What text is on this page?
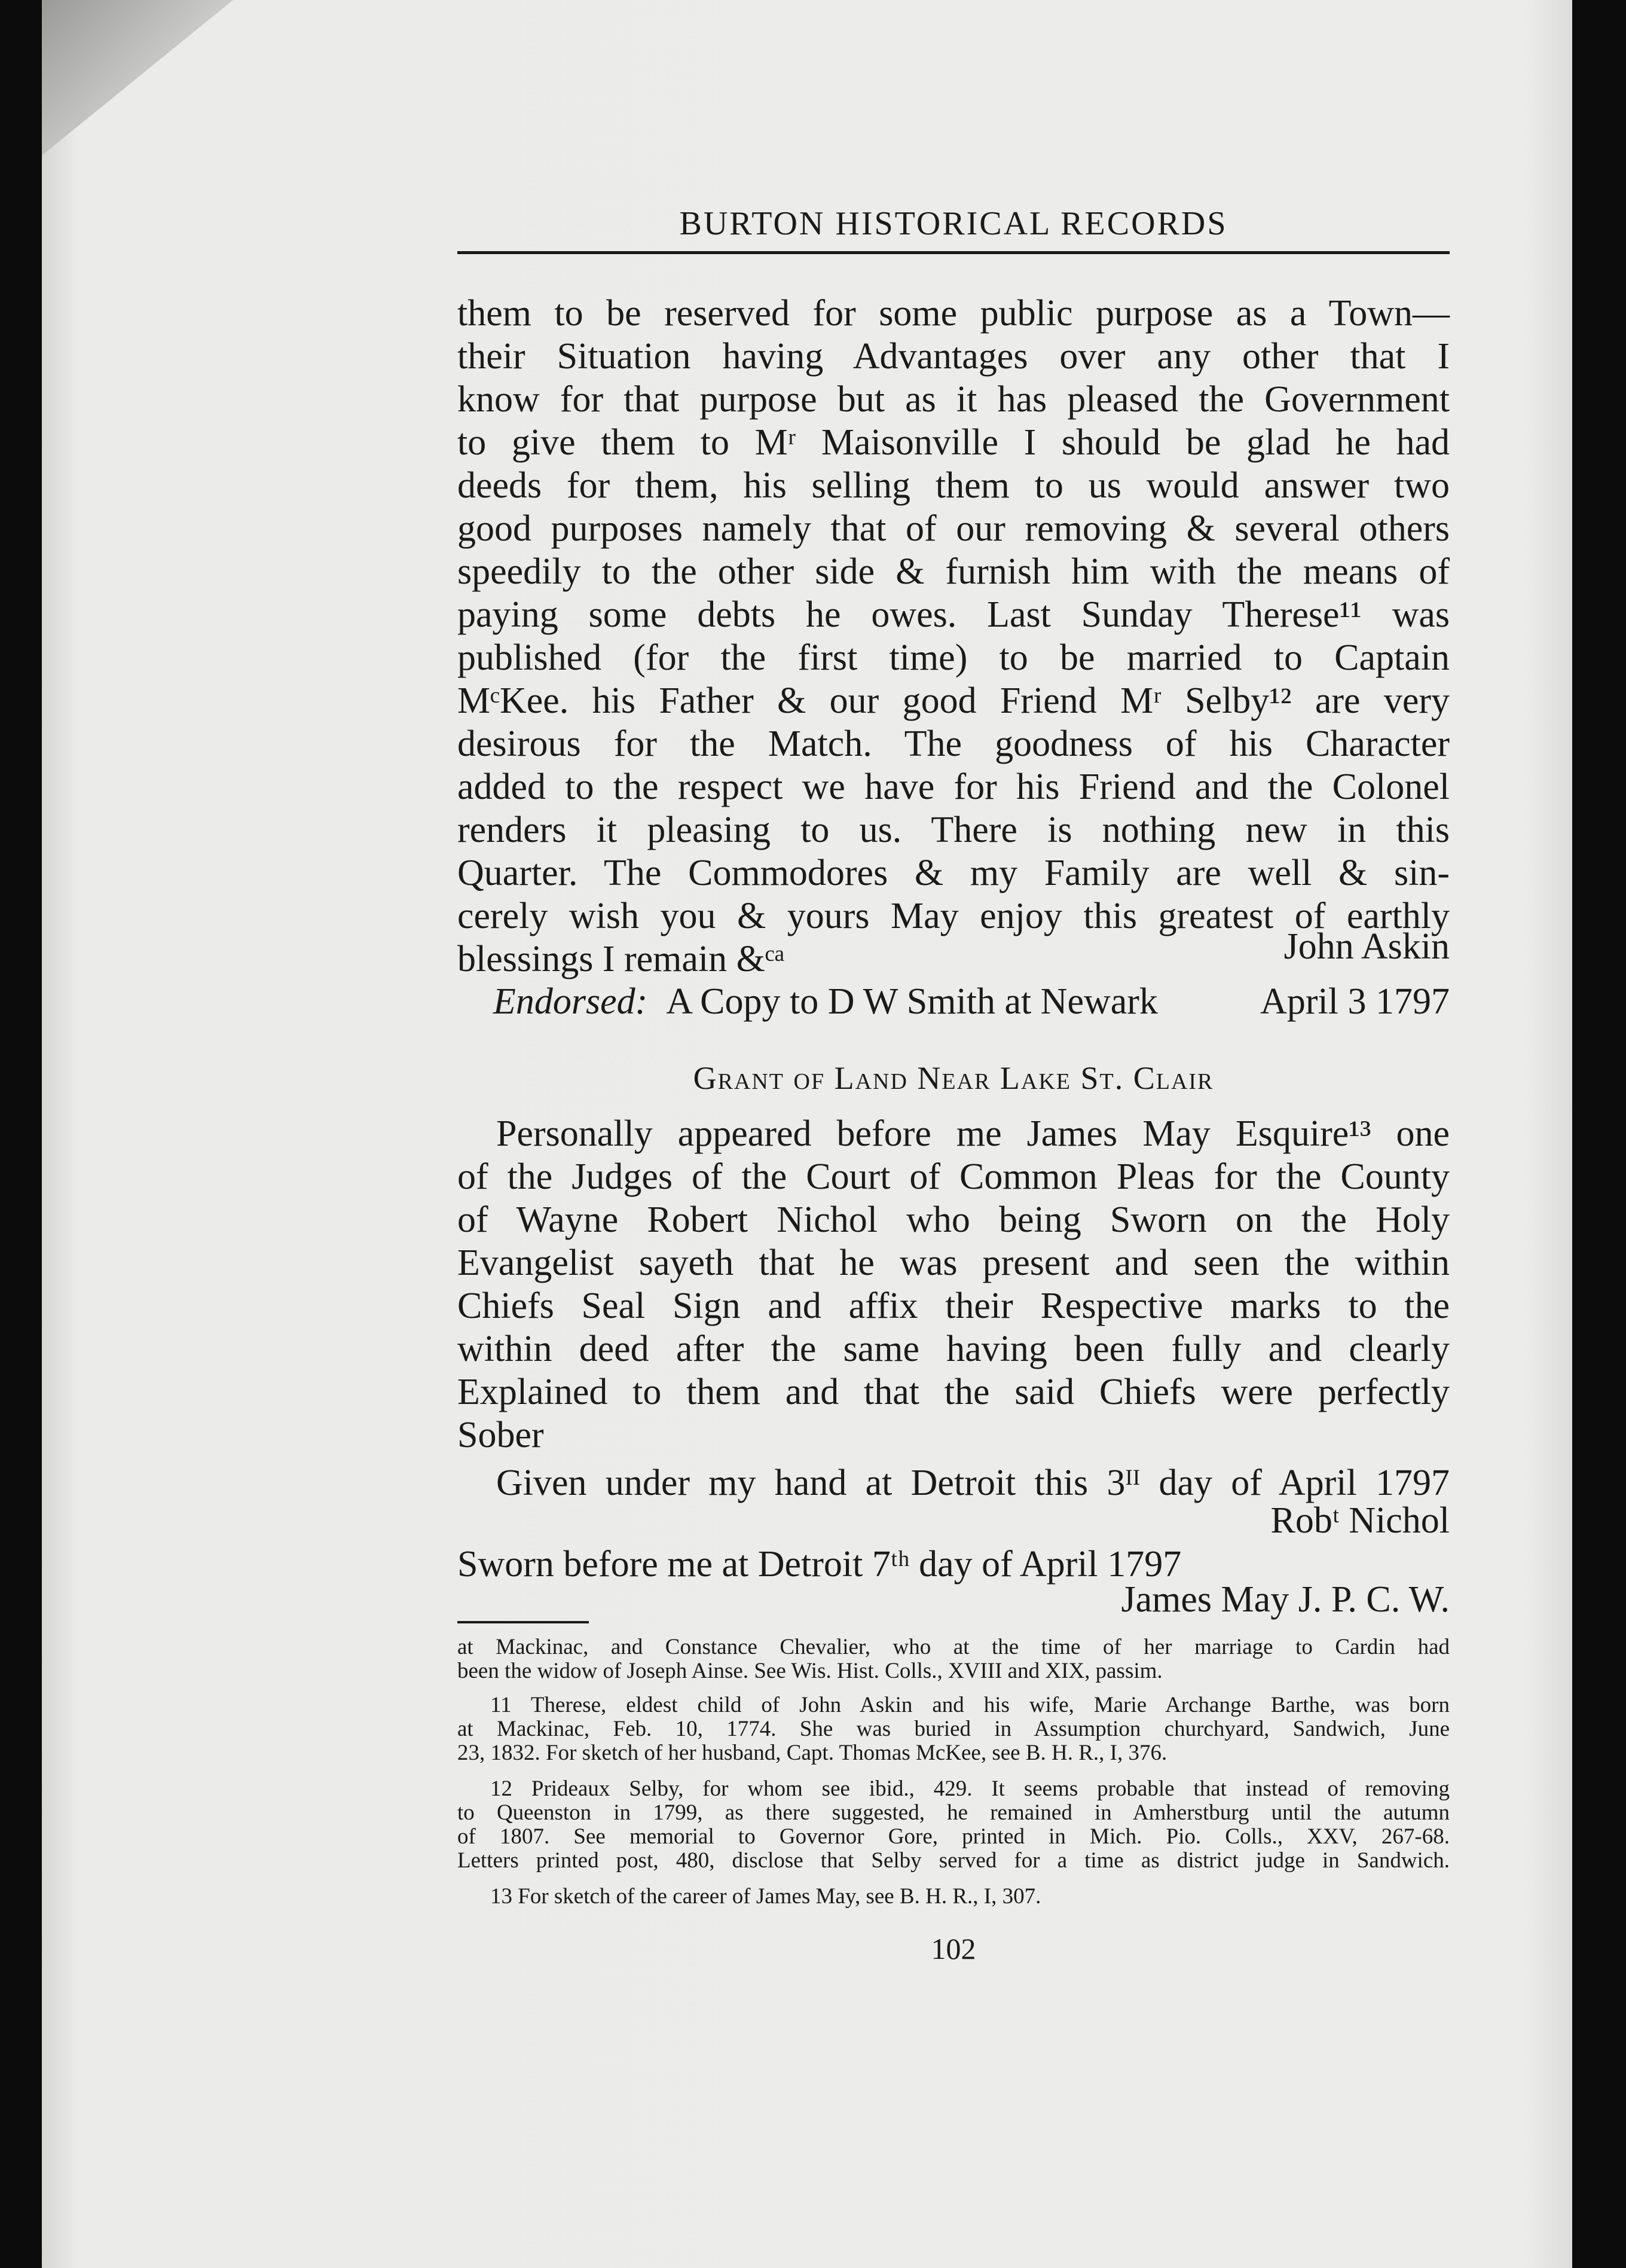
BURTON HISTORICAL RECORDS
them to be reserved for some public purpose as a Town—
their Situation having Advantages over any other that I
know for that purpose but as it has pleased the Government
to give them to Mʳ Maisonville I should be glad he had
deeds for them, his selling them to us would answer two
good purposes namely that of our removing & several others
speedily to the other side & furnish him with the means of
paying some debts he owes. Last Sunday Therese¹¹ was
published (for the first time) to be married to Captain
MᶜKee. his Father & our good Friend Mʳ Selby¹² are very
desirous for the Match. The goodness of his Character
added to the respect we have for his Friend and the Colonel
renders it pleasing to us. There is nothing new in this
Quarter. The Commodores & my Family are well & sin-
cerely wish you & yours May enjoy this greatest of earthly
blessings I remain &ᶜᵃ	John Askin
Endorsed: A Copy to D W Smith at Newark	April 3 1797
Grant of Land Near Lake St. Clair
Personally appeared before me James May Esquire¹³ one
of the Judges of the Court of Common Pleas for the County
of Wayne Robert Nichol who being Sworn on the Holy
Evangelist sayeth that he was present and seen the within
Chiefs Seal Sign and affix their Respective marks to the
within deed after the same having been fully and clearly
Explained to them and that the said Chiefs were perfectly
Sober
Given under my hand at Detroit this 3ᴵᴵ day of April 1797
Robᵗ Nichol
Sworn before me at Detroit 7ᵗʰ day of April 1797
James May J. P. C. W.
at Mackinac, and Constance Chevalier, who at the time of her marriage to Cardin had
been the widow of Joseph Ainse. See Wis. Hist. Colls., XVIII and XIX, passim.
11 Therese, eldest child of John Askin and his wife, Marie Archange Barthe, was born
at Mackinac, Feb. 10, 1774. She was buried in Assumption churchyard, Sandwich, June
23, 1832. For sketch of her husband, Capt. Thomas McKee, see B. H. R., I, 376.
12 Prideaux Selby, for whom see ibid., 429. It seems probable that instead of removing
to Queenston in 1799, as there suggested, he remained in Amherstburg until the autumn
of 1807. See memorial to Governor Gore, printed in Mich. Pio. Colls., XXV, 267-68.
Letters printed post, 480, disclose that Selby served for a time as district judge in Sandwich.
13 For sketch of the career of James May, see B. H. R., I, 307.
102
